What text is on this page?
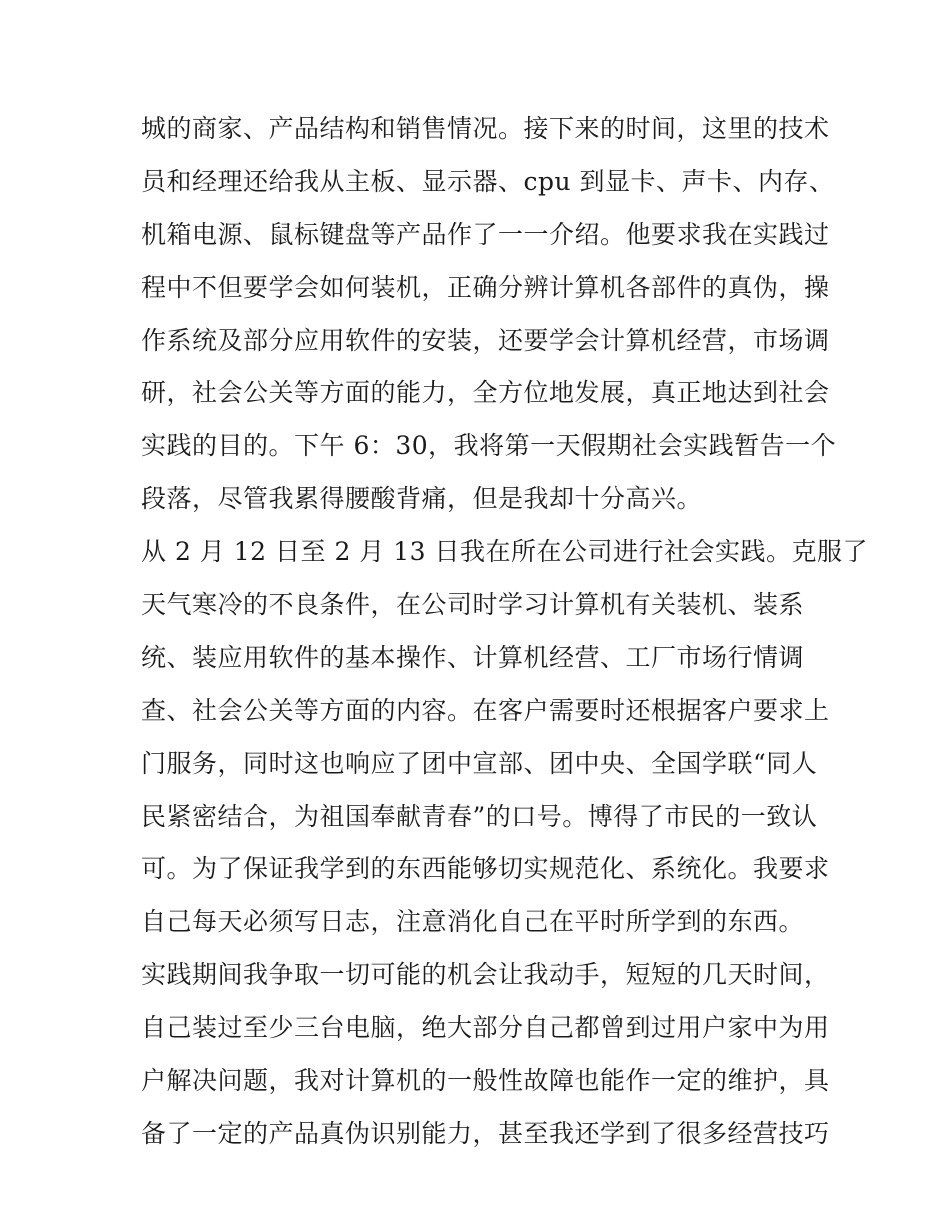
城的商家、产品结构和销售情况。接下来的时间，这里的技术
员和经理还给我从主板、显示器、cpu 到显卡、声卡、内存、
机箱电源、鼠标键盘等产品作了一一介绍。他要求我在实践过
程中不但要学会如何装机，正确分辨计算机各部件的真伪，操
作系统及部分应用软件的安装，还要学会计算机经营，市场调
研，社会公关等方面的能力，全方位地发展，真正地达到社会
实践的目的。下午 6：30，我将第一天假期社会实践暂告一个
段落，尽管我累得腰酸背痛，但是我却十分高兴。
从 2 月 12 日至 2 月 13 日我在所在公司进行社会实践。克服了
天气寒冷的不良条件，在公司时学习计算机有关装机、装系
统、装应用软件的基本操作、计算机经营、工厂市场行情调
查、社会公关等方面的内容。在客户需要时还根据客户要求上
门服务，同时这也响应了团中宣部、团中央、全国学联“同人
民紧密结合，为祖国奉献青春”的口号。博得了市民的一致认
可。为了保证我学到的东西能够切实规范化、系统化。我要求
自己每天必须写日志，注意消化自己在平时所学到的东西。
实践期间我争取一切可能的机会让我动手，短短的几天时间，
自己装过至少三台电脑，绝大部分自己都曾到过用户家中为用
户解决问题，我对计算机的一般性故障也能作一定的维护，具
备了一定的产品真伪识别能力，甚至我还学到了很多经营技巧
